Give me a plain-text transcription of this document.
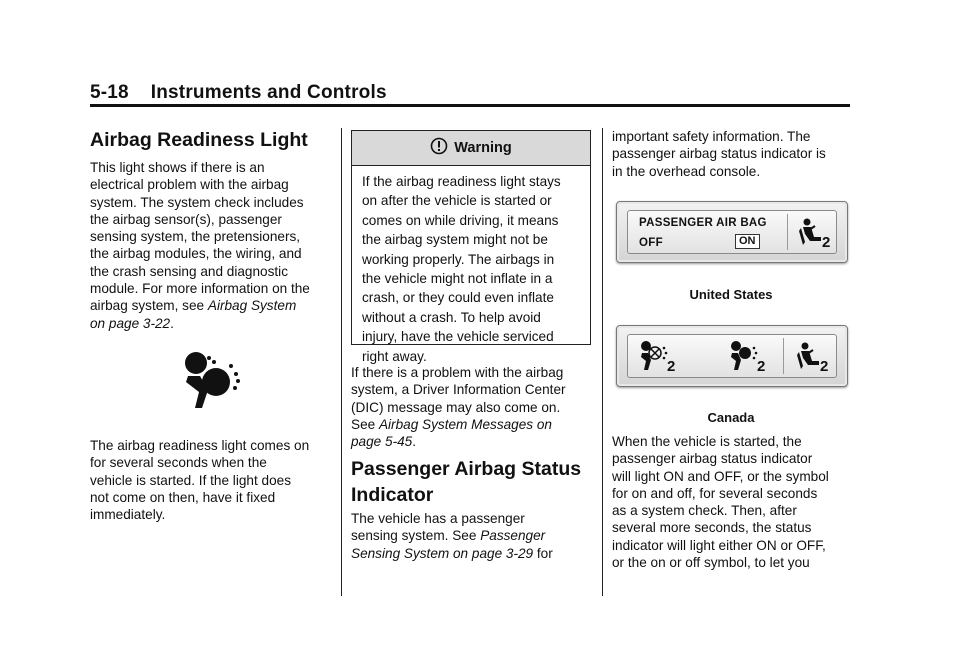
5-18    Instruments and Controls
Airbag Readiness Light

This light shows if there is an
electrical problem with the airbag
system. The system check includes
the airbag sensor(s), passenger
sensing system, the pretensioners,
the airbag modules, the wiring, and
the crash sensing and diagnostic
module. For more information on the
airbag system, see Airbag System
on page 3-22.

The airbag readiness light comes on
for several seconds when the
vehicle is started. If the light does
not come on then, have it fixed
immediately.

Warning
If the airbag readiness light stays
on after the vehicle is started or
comes on while driving, it means
the airbag system might not be
working properly. The airbags in
the vehicle might not inflate in a
crash, or they could even inflate
without a crash. To help avoid
injury, have the vehicle serviced
right away.

If there is a problem with the airbag
system, a Driver Information Center
(DIC) message may also come on.
See Airbag System Messages on
page 5-45.

Passenger Airbag Status
Indicator

The vehicle has a passenger
sensing system. See Passenger
Sensing System on page 3-29 for

important safety information. The
passenger airbag status indicator is
in the overhead console.

PASSENGER AIR BAG
OFF	ON	2
United States
2	2	2
Canada

When the vehicle is started, the
passenger airbag status indicator
will light ON and OFF, or the symbol
for on and off, for several seconds
as a system check. Then, after
several more seconds, the status
indicator will light either ON or OFF,
or the on or off symbol, to let you
